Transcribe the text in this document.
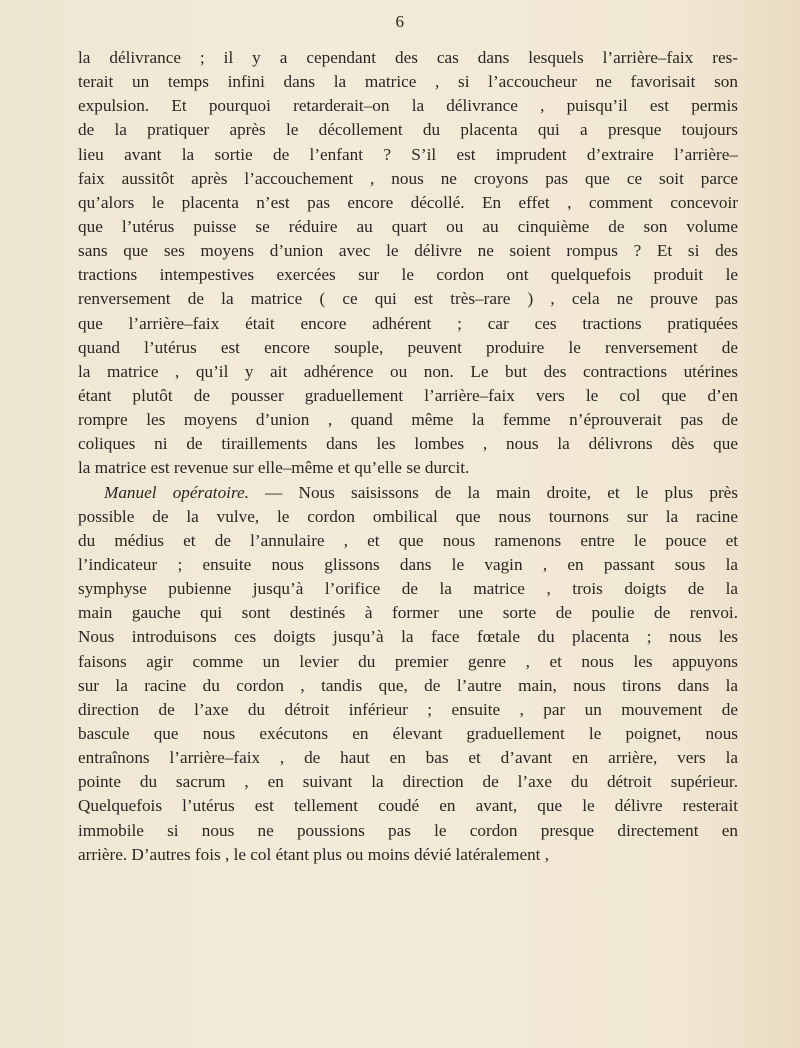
6
la délivrance ; il y a cependant des cas dans lesquels l’arrière–faix res-
terait un temps infini dans la matrice , si l’accoucheur ne favorisait son
expulsion. Et pourquoi retarderait–on la délivrance , puisqu’il est permis
de la pratiquer après le décollement du placenta qui a presque toujours
lieu avant la sortie de l’enfant ? S’il est imprudent d’extraire l’arrière–
faix aussitôt après l’accouchement , nous ne croyons pas que ce soit parce
qu’alors le placenta n’est pas encore décollé. En effet , comment concevoir
que l’utérus puisse se réduire au quart ou au cinquième de son volume
sans que ses moyens d’union avec le délivre ne soient rompus ? Et si des
tractions intempestives exercées sur le cordon ont quelquefois produit le
renversement de la matrice ( ce qui est très–rare ) , cela ne prouve pas
que l’arrière–faix était encore adhérent ; car ces tractions pratiquées
quand l’utérus est encore souple, peuvent produire le renversement de
la matrice , qu’il y ait adhérence ou non. Le but des contractions utérines
étant plutôt de pousser graduellement l’arrière–faix vers le col que d’en
rompre les moyens d’union , quand même la femme n’éprouverait pas de
coliques ni de tiraillements dans les lombes , nous la délivrons dès que
la matrice est revenue sur elle–même et qu’elle se durcit.
Manuel opératoire. — Nous saisissons de la main droite, et le plus près
possible de la vulve, le cordon ombilical que nous tournons sur la racine
du médius et de l’annulaire , et que nous ramenons entre le pouce et
l’indicateur ; ensuite nous glissons dans le vagin , en passant sous la
symphyse pubienne jusqu’à l’orifice de la matrice , trois doigts de la
main gauche qui sont destinés à former une sorte de poulie de renvoi.
Nous introduisons ces doigts jusqu’à la face fœtale du placenta ; nous les
faisons agir comme un levier du premier genre , et nous les appuyons
sur la racine du cordon , tandis que, de l’autre main, nous tirons dans la
direction de l’axe du détroit inférieur ; ensuite , par un mouvement de
bascule que nous exécutons en élevant graduellement le poignet, nous
entraînons l’arrière–faix , de haut en bas et d’avant en arrière, vers la
pointe du sacrum , en suivant la direction de l’axe du détroit supérieur.
Quelquefois l’utérus est tellement coudé en avant, que le délivre resterait
immobile si nous ne poussions pas le cordon presque directement en
arrière. D’autres fois , le col étant plus ou moins dévié latéralement ,
